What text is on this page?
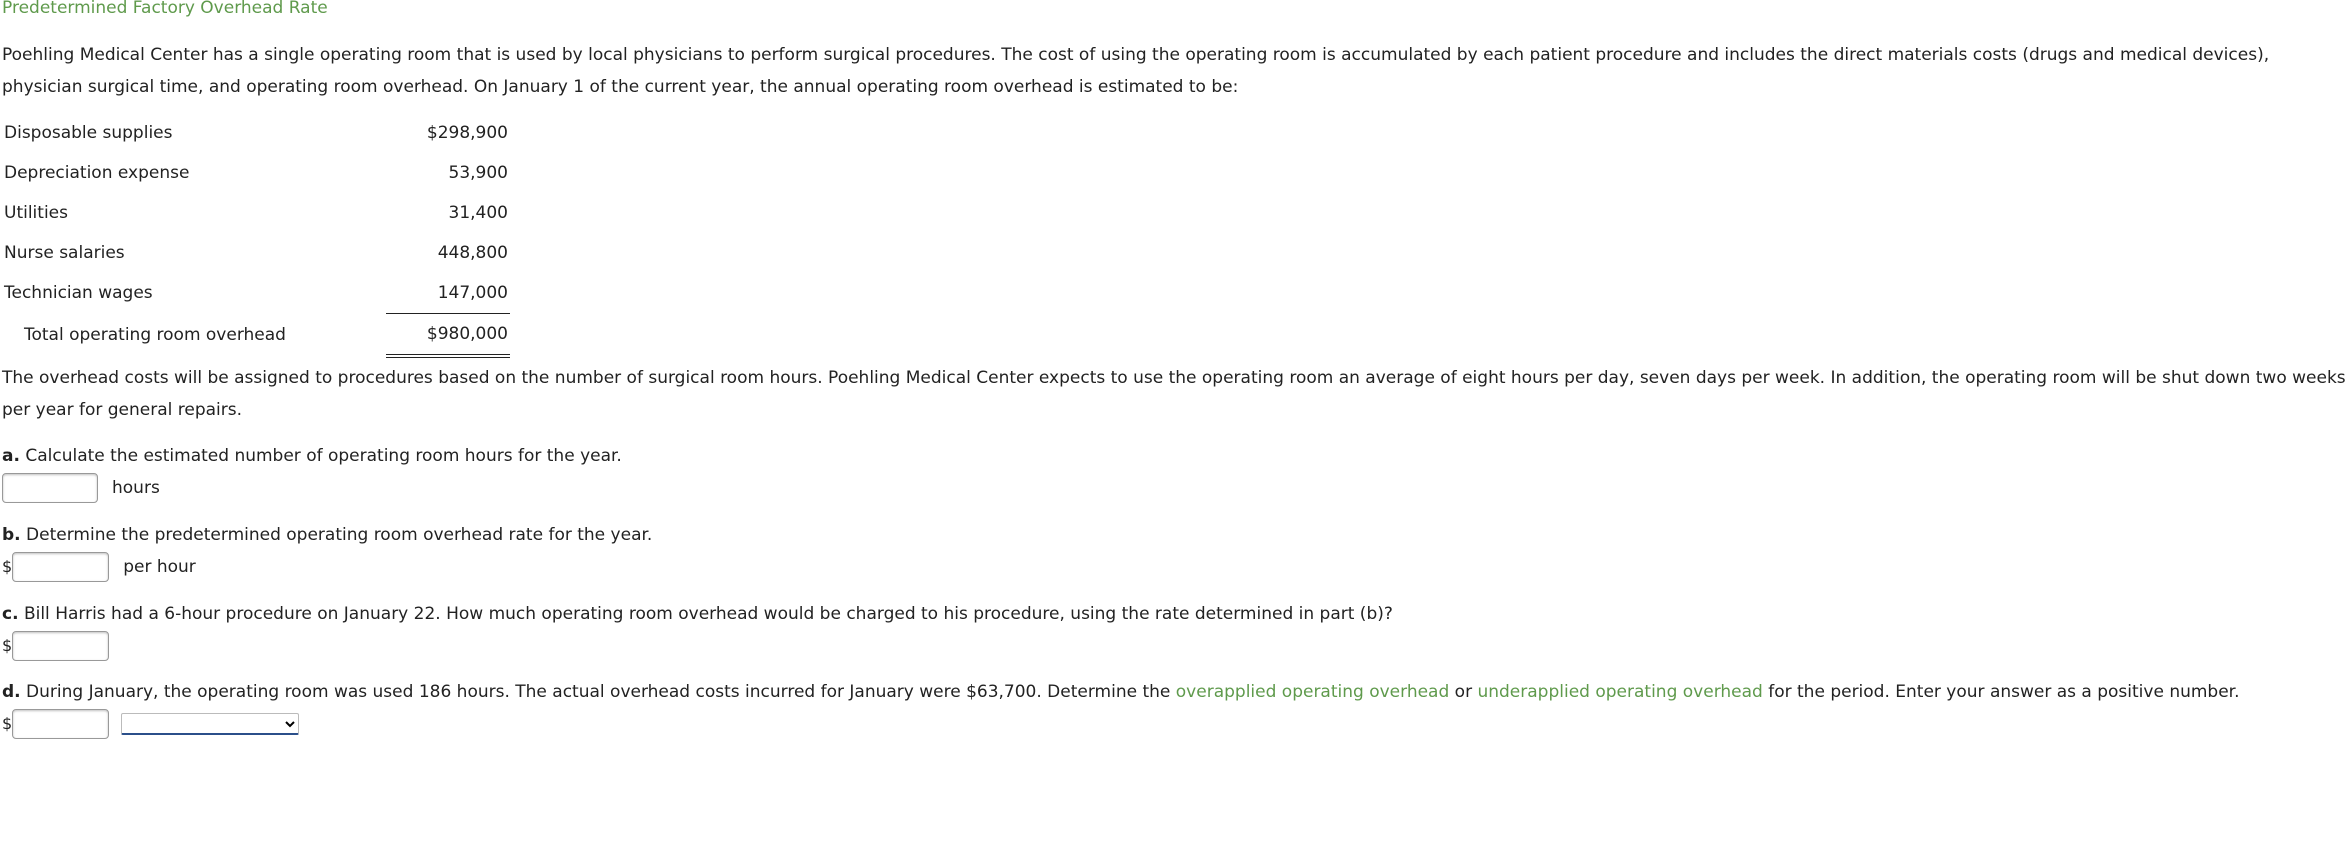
Predetermined Factory Overhead Rate

Poehling Medical Center has a single operating room that is used by local physicians to perform surgical procedures. The cost of using the operating room is accumulated by each patient procedure and includes the direct materials costs (drugs and medical devices), physician surgical time, and operating room overhead. On January 1 of the current year, the annual operating room overhead is estimated to be:

Disposable supplies	$298,900
Depreciation expense	53,900
Utilities	31,400
Nurse salaries	448,800
Technician wages	147,000
Total operating room overhead	$980,000

The overhead costs will be assigned to procedures based on the number of surgical room hours. Poehling Medical Center expects to use the operating room an average of eight hours per day, seven days per week. In addition, the operating room will be shut down two weeks per year for general repairs.

a. Calculate the estimated number of operating room hours for the year.
hours
b. Determine the predetermined operating room overhead rate for the year.
$	per hour
c. Bill Harris had a 6-hour procedure on January 22. How much operating room overhead would be charged to his procedure, using the rate determined in part (b)?
$
d. During January, the operating room was used 186 hours. The actual overhead costs incurred for January were $63,700. Determine the overapplied operating overhead or underapplied operating overhead for the period. Enter your answer as a positive number.
$
